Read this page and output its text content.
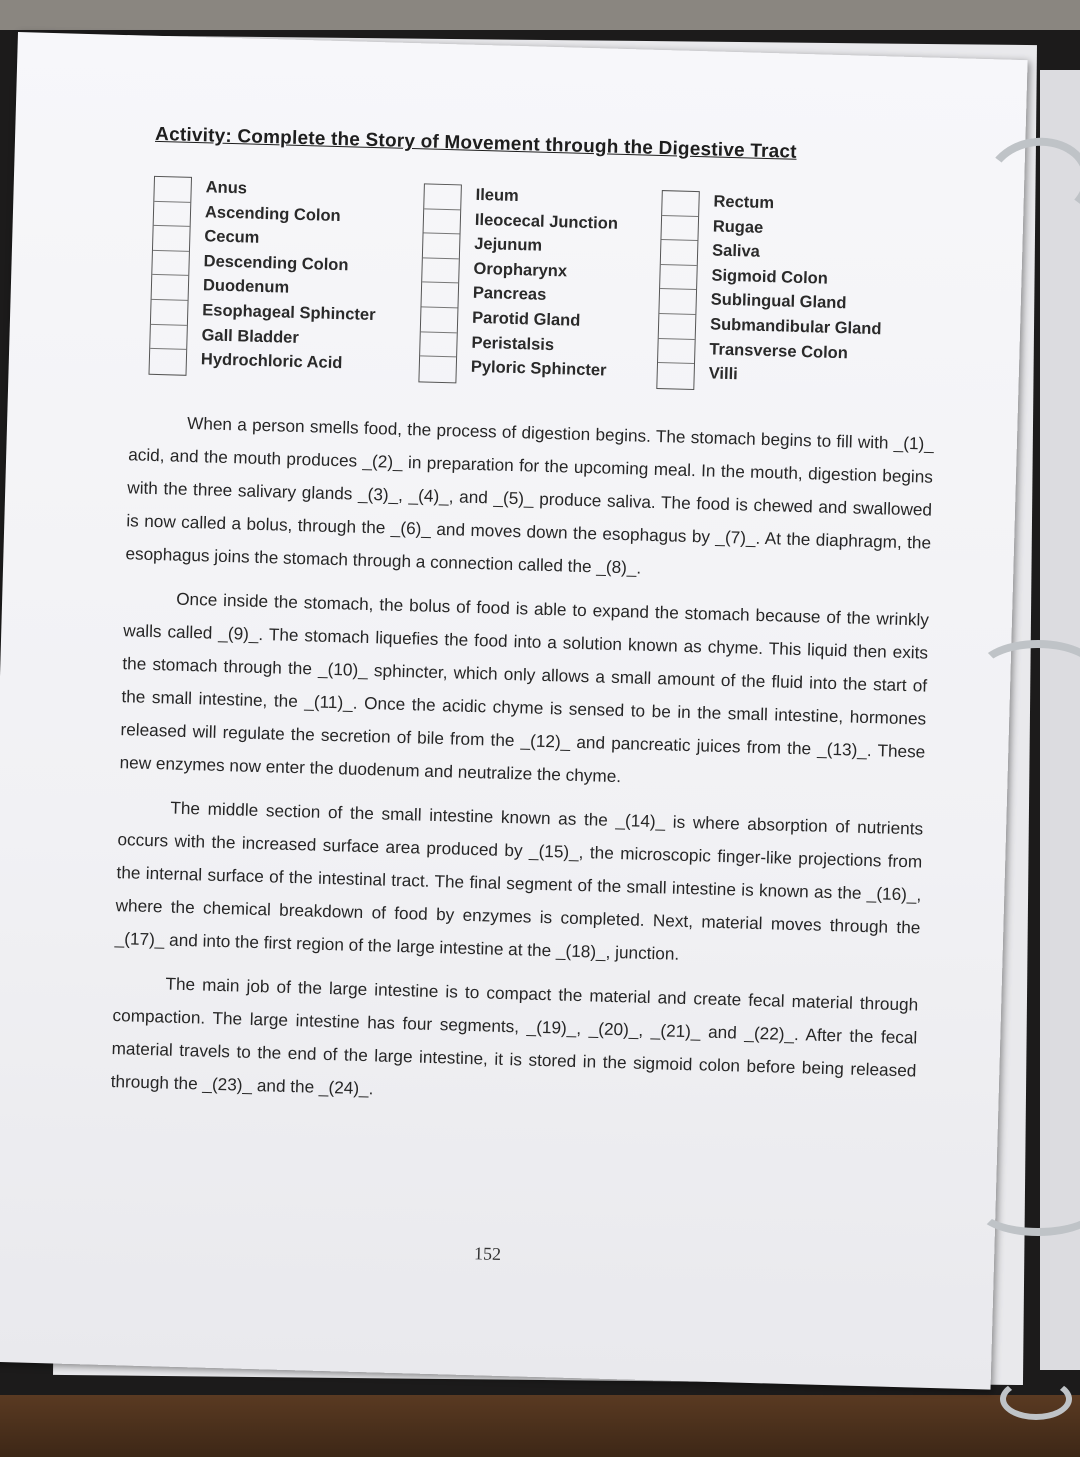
Activity: Complete the Story of Movement through the Digestive Tract
Anus
Ascending Colon
Cecum
Descending Colon
Duodenum
Esophageal Sphincter
Gall Bladder
Hydrochloric Acid
Ileum
Ileocecal Junction
Jejunum
Oropharynx
Pancreas
Parotid Gland
Peristalsis
Pyloric Sphincter
Rectum
Rugae
Saliva
Sigmoid Colon
Sublingual Gland
Submandibular Gland
Transverse Colon
Villi

When a person smells food, the process of digestion begins. The stomach begins to fill with _(1)_ acid, and the mouth produces _(2)_ in preparation for the upcoming meal. In the mouth, digestion begins with the three salivary glands _(3)_, _(4)_, and _(5)_ produce saliva. The food is chewed and swallowed is now called a bolus, through the _(6)_ and moves down the esophagus by _(7)_. At the diaphragm, the esophagus joins the stomach through a connection called the _(8)_.

Once inside the stomach, the bolus of food is able to expand the stomach because of the wrinkly walls called _(9)_. The stomach liquefies the food into a solution known as chyme. This liquid then exits the stomach through the _(10)_ sphincter, which only allows a small amount of the fluid into the start of the small intestine, the _(11)_. Once the acidic chyme is sensed to be in the small intestine, hormones released will regulate the secretion of bile from the _(12)_ and pancreatic juices from the _(13)_. These new enzymes now enter the duodenum and neutralize the chyme.

The middle section of the small intestine known as the _(14)_ is where absorption of nutrients occurs with the increased surface area produced by _(15)_, the microscopic finger-like projections from the internal surface of the intestinal tract. The final segment of the small intestine is known as the _(16)_, where the chemical breakdown of food by enzymes is completed. Next, material moves through the _(17)_ and into the first region of the large intestine at the _(18)_, junction.

The main job of the large intestine is to compact the material and create fecal material through compaction. The large intestine has four segments, _(19)_, _(20)_, _(21)_ and _(22)_. After the fecal material travels to the end of the large intestine, it is stored in the sigmoid colon before being released through the _(23)_ and the _(24)_.

152
